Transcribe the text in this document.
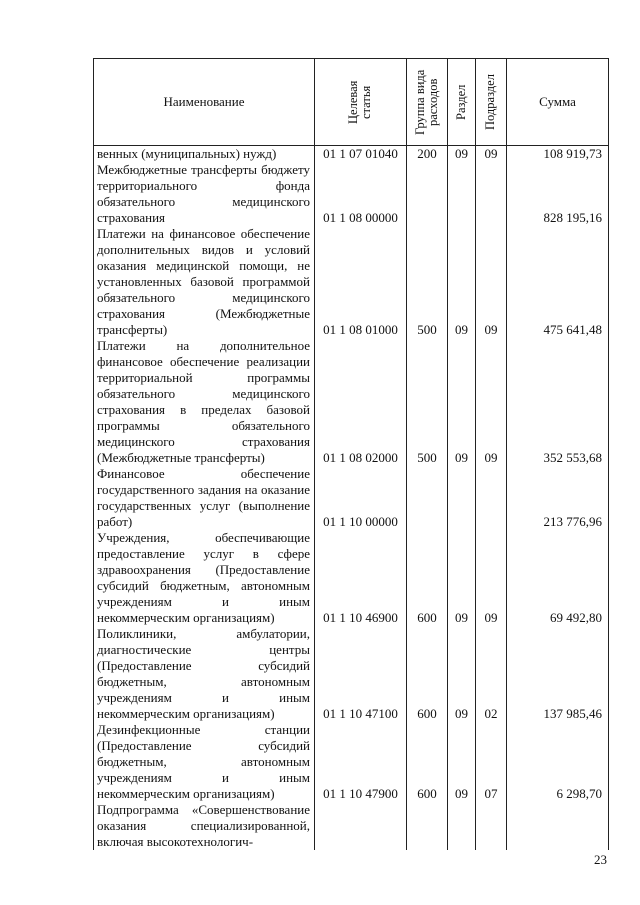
Наименование	Целевая статья	Группа вида расходов	Раздел	Подраздел	Сумма
венных (муниципальных) нужд)	01 1 07 01040	200	09	09	108 919,73
Межбюджетные трансферты бюджету территориального фонда обязательного медицинского страхования	01 1 08 00000				828 195,16
Платежи на финансовое обеспечение дополнительных видов и условий оказания медицинской помощи, не установленных базовой программой обязательного медицинского страхования (Межбюджетные трансферты)	01 1 08 01000	500	09	09	475 641,48
Платежи на дополнительное финансовое обеспечение реализации территориальной программы обязательного медицинского страхования в пределах базовой программы обязательного медицинского страхования (Межбюджетные трансферты)	01 1 08 02000	500	09	09	352 553,68
Финансовое обеспечение государственного задания на оказание государственных услуг (выполнение работ)	01 1 10 00000				213 776,96
Учреждения, обеспечивающие предоставление услуг в сфере здравоохранения (Предоставление субсидий бюджетным, автономным учреждениям и иным некоммерческим организациям)	01 1 10 46900	600	09	09	69 492,80
Поликлиники, амбулатории, диагностические центры (Предоставление субсидий бюджетным, автономным учреждениям и иным некоммерческим организациям)	01 1 10 47100	600	09	02	137 985,46
Дезинфекционные станции (Предоставление субсидий бюджетным, автономным учреждениям и иным некоммерческим организациям)	01 1 10 47900	600	09	07	6 298,70
Подпрограмма «Совершенствование оказания специализированной, включая высокотехнологич-					
23
